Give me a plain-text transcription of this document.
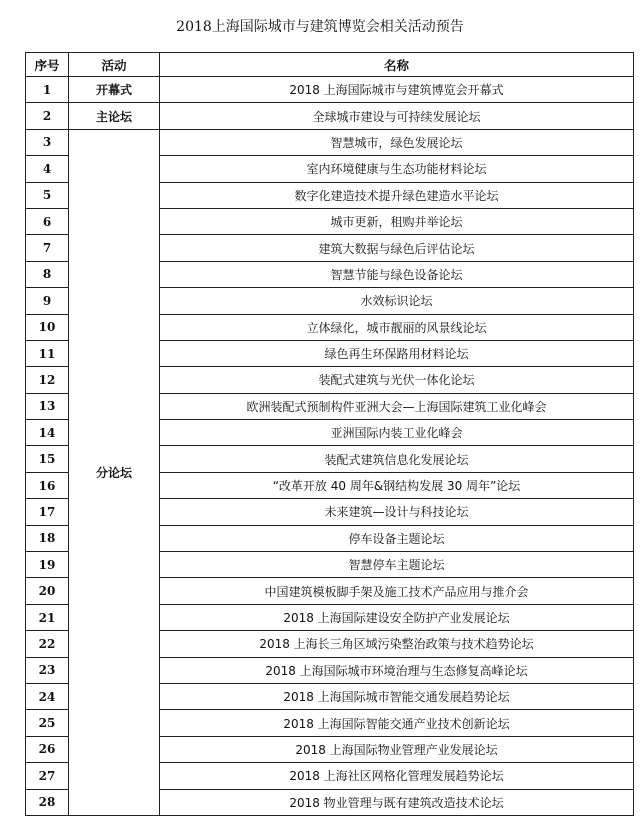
2018上海国际城市与建筑博览会相关活动预告
序号	活动	名称
1	开幕式	2018 上海国际城市与建筑博览会开幕式
2	主论坛	全球城市建设与可持续发展论坛
3	分论坛	智慧城市，绿色发展论坛
4		室内环境健康与生态功能材料论坛
5		数字化建造技术提升绿色建造水平论坛
6		城市更新，租购并举论坛
7		建筑大数据与绿色后评估论坛
8		智慧节能与绿色设备论坛
9		水效标识论坛
10		立体绿化，城市靓丽的风景线论坛
11		绿色再生环保路用材料论坛
12		装配式建筑与光伏一体化论坛
13		欧洲装配式预制构件亚洲大会—上海国际建筑工业化峰会
14		亚洲国际内装工业化峰会
15		装配式建筑信息化发展论坛
16		“改革开放 40 周年&钢结构发展 30 周年”论坛
17		未来建筑—设计与科技论坛
18		停车设备主题论坛
19		智慧停车主题论坛
20		中国建筑模板脚手架及施工技术产品应用与推介会
21		2018 上海国际建设安全防护产业发展论坛
22		2018 上海长三角区域污染整治政策与技术趋势论坛
23		2018 上海国际城市环境治理与生态修复高峰论坛
24		2018 上海国际城市智能交通发展趋势论坛
25		2018 上海国际智能交通产业技术创新论坛
26		2018 上海国际物业管理产业发展论坛
27		2018 上海社区网格化管理发展趋势论坛
28		2018 物业管理与既有建筑改造技术论坛
